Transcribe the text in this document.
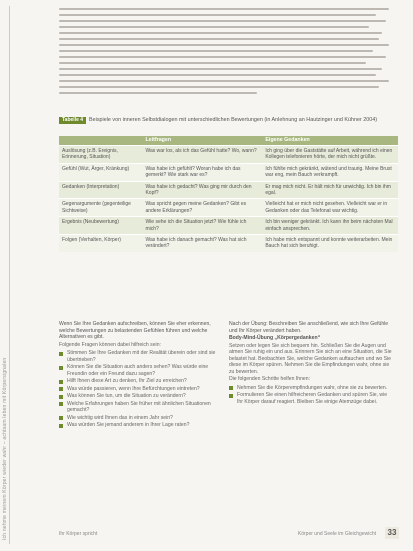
Ich nehme meinem Körper wieder wahr – achtsam leben mit Körpersignalen
Tabelle 4 Beispiele von inneren Selbstdialogen mit unterschiedlichen Bewertungen (in Anlehnung an Hautzinger und Kühner 2004)
	Leitfragen	Eigene Gedanken
Auslösung (z.B. Ereignis, Erinnerung, Situation)	Was war los, als ich das Gefühl hatte? Wo, wann?	Ich ging über die Gaststätte auf Arbeit, während ich einen Kollegen telefonieren hörte, der mich nicht grüßte.
Gefühl (Wut, Ärger, Kränkung)	Was habe ich gefühlt? Woran habe ich das gemerkt? Wie stark war es?	Ich fühlte mich gekränkt, wütend und traurig. Meine Brust war eng, mein Bauch verkrampft.
Gedanken (Interpretation)	Was habe ich gedacht? Was ging mir durch den Kopf?	Er mag mich nicht. Er hält mich für unwichtig. Ich bin ihm egal.
Gegenargumente (gegenteilige Sichtweise)	Was spricht gegen meine Gedanken? Gibt es andere Erklärungen?	Vielleicht hat er mich nicht gesehen. Vielleicht war er in Gedanken oder das Telefonat war wichtig.
Ergebnis (Neubewertung)	Wie sehe ich die Situation jetzt? Wie fühle ich mich?	Ich bin weniger gekränkt. Ich kann ihn beim nächsten Mal einfach ansprechen.
Folgen (Verhalten, Körper)	Was habe ich danach gemacht? Was hat sich verändert?	Ich habe mich entspannt und konnte weiterarbeiten. Mein Bauch hat sich beruhigt.

Wenn Sie Ihre Gedanken aufschreiben, können Sie eher erkennen, welche Bewertungen zu belastenden Gefühlen führen und welche Alternativen es gibt.

Folgende Fragen können dabei hilfreich sein:

Stimmen Sie Ihre Gedanken mit der Realität überein oder sind sie übertrieben?
Können Sie die Situation auch anders sehen? Was würde eine Freundin oder ein Freund dazu sagen?
Hilft Ihnen diese Art zu denken, Ihr Ziel zu erreichen?
Was würde passieren, wenn Ihre Befürchtungen eintreten?
Was können Sie tun, um die Situation zu verändern?
Welche Erfahrungen haben Sie früher mit ähnlichen Situationen gemacht?
Wie wichtig wird Ihnen das in einem Jahr sein?
Was würden Sie jemand anderem in Ihrer Lage raten?

Nach der Übung: Beschreiben Sie anschließend, wie sich Ihre Gefühle und Ihr Körper verändert haben.

Body-Mind-Übung „Körpergedanken“

Setzen oder legen Sie sich bequem hin. Schließen Sie die Augen und atmen Sie ruhig ein und aus. Erinnern Sie sich an eine Situation, die Sie belastet hat. Beobachten Sie, welche Gedanken auftauchen und wo Sie diese im Körper spüren. Nehmen Sie die Empfindungen wahr, ohne sie zu bewerten.

Die folgenden Schritte helfen Ihnen:

Nehmen Sie die Körperempfindungen wahr, ohne sie zu bewerten.
Formulieren Sie einen hilfreicheren Gedanken und spüren Sie, wie Ihr Körper darauf reagiert. Bleiben Sie einige Atemzüge dabei.
Ihr Körper spricht	Körper und Seele im Gleichgewicht	33
